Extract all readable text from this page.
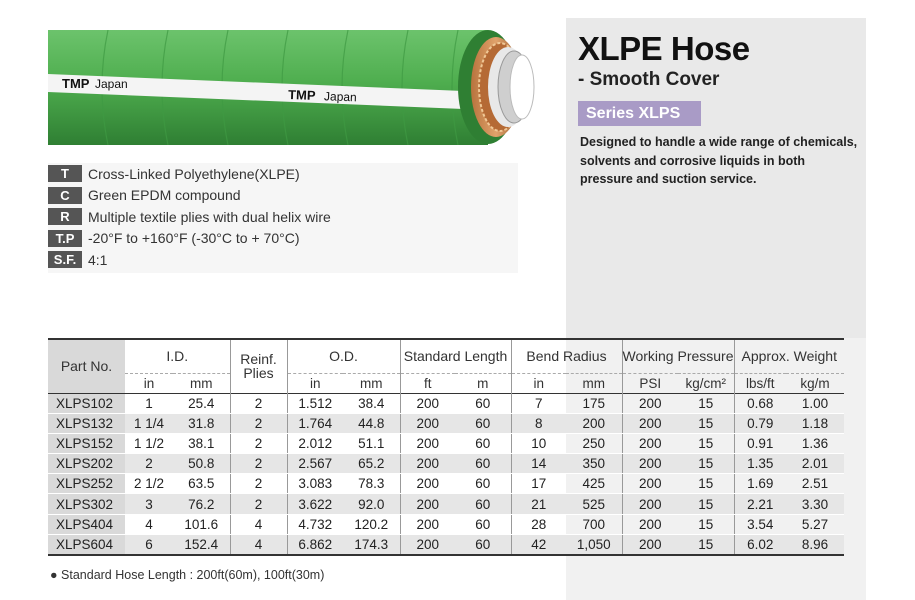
TMP Japan
TMP Japan
T	Cross-Linked Polyethylene(XLPE)
C	Green EPDM compound
R	Multiple textile plies with dual helix wire
T.P -20°F to +160°F (-30°C to + 70°C)
S.F. 4:1
XLPE Hose
- Smooth Cover
Series XLPS
Designed to handle a wide range of chemicals, solvents and corrosive liquids in both pressure and suction service.
Part No.	I.D.		Reinf. Plies	O.D.		Standard Length		Bend Radius		Working Pressure		Approx. Weight	
	in	mm		in	mm	ft	m	in	mm	PSI	kg/cm²	lbs/ft	kg/m
XLPS102	1	25.4	2	1.512	38.4	200	60	7	175	200	15	0.68	1.00
XLPS132	1 1/4	31.8	2	1.764	44.8	200	60	8	200	200	15	0.79	1.18
XLPS152	1 1/2	38.1	2	2.012	51.1	200	60	10	250	200	15	0.91	1.36
XLPS202	2	50.8	2	2.567	65.2	200	60	14	350	200	15	1.35	2.01
XLPS252	2 1/2	63.5	2	3.083	78.3	200	60	17	425	200	15	1.69	2.51
XLPS302	3	76.2	2	3.622	92.0	200	60	21	525	200	15	2.21	3.30
XLPS404	4	101.6	4	4.732	120.2	200	60	28	700	200	15	3.54	5.27
XLPS604	6	152.4	4	6.862	174.3	200	60	42	1,050	200	15	6.02	8.96
● Standard Hose Length : 200ft(60m), 100ft(30m)
